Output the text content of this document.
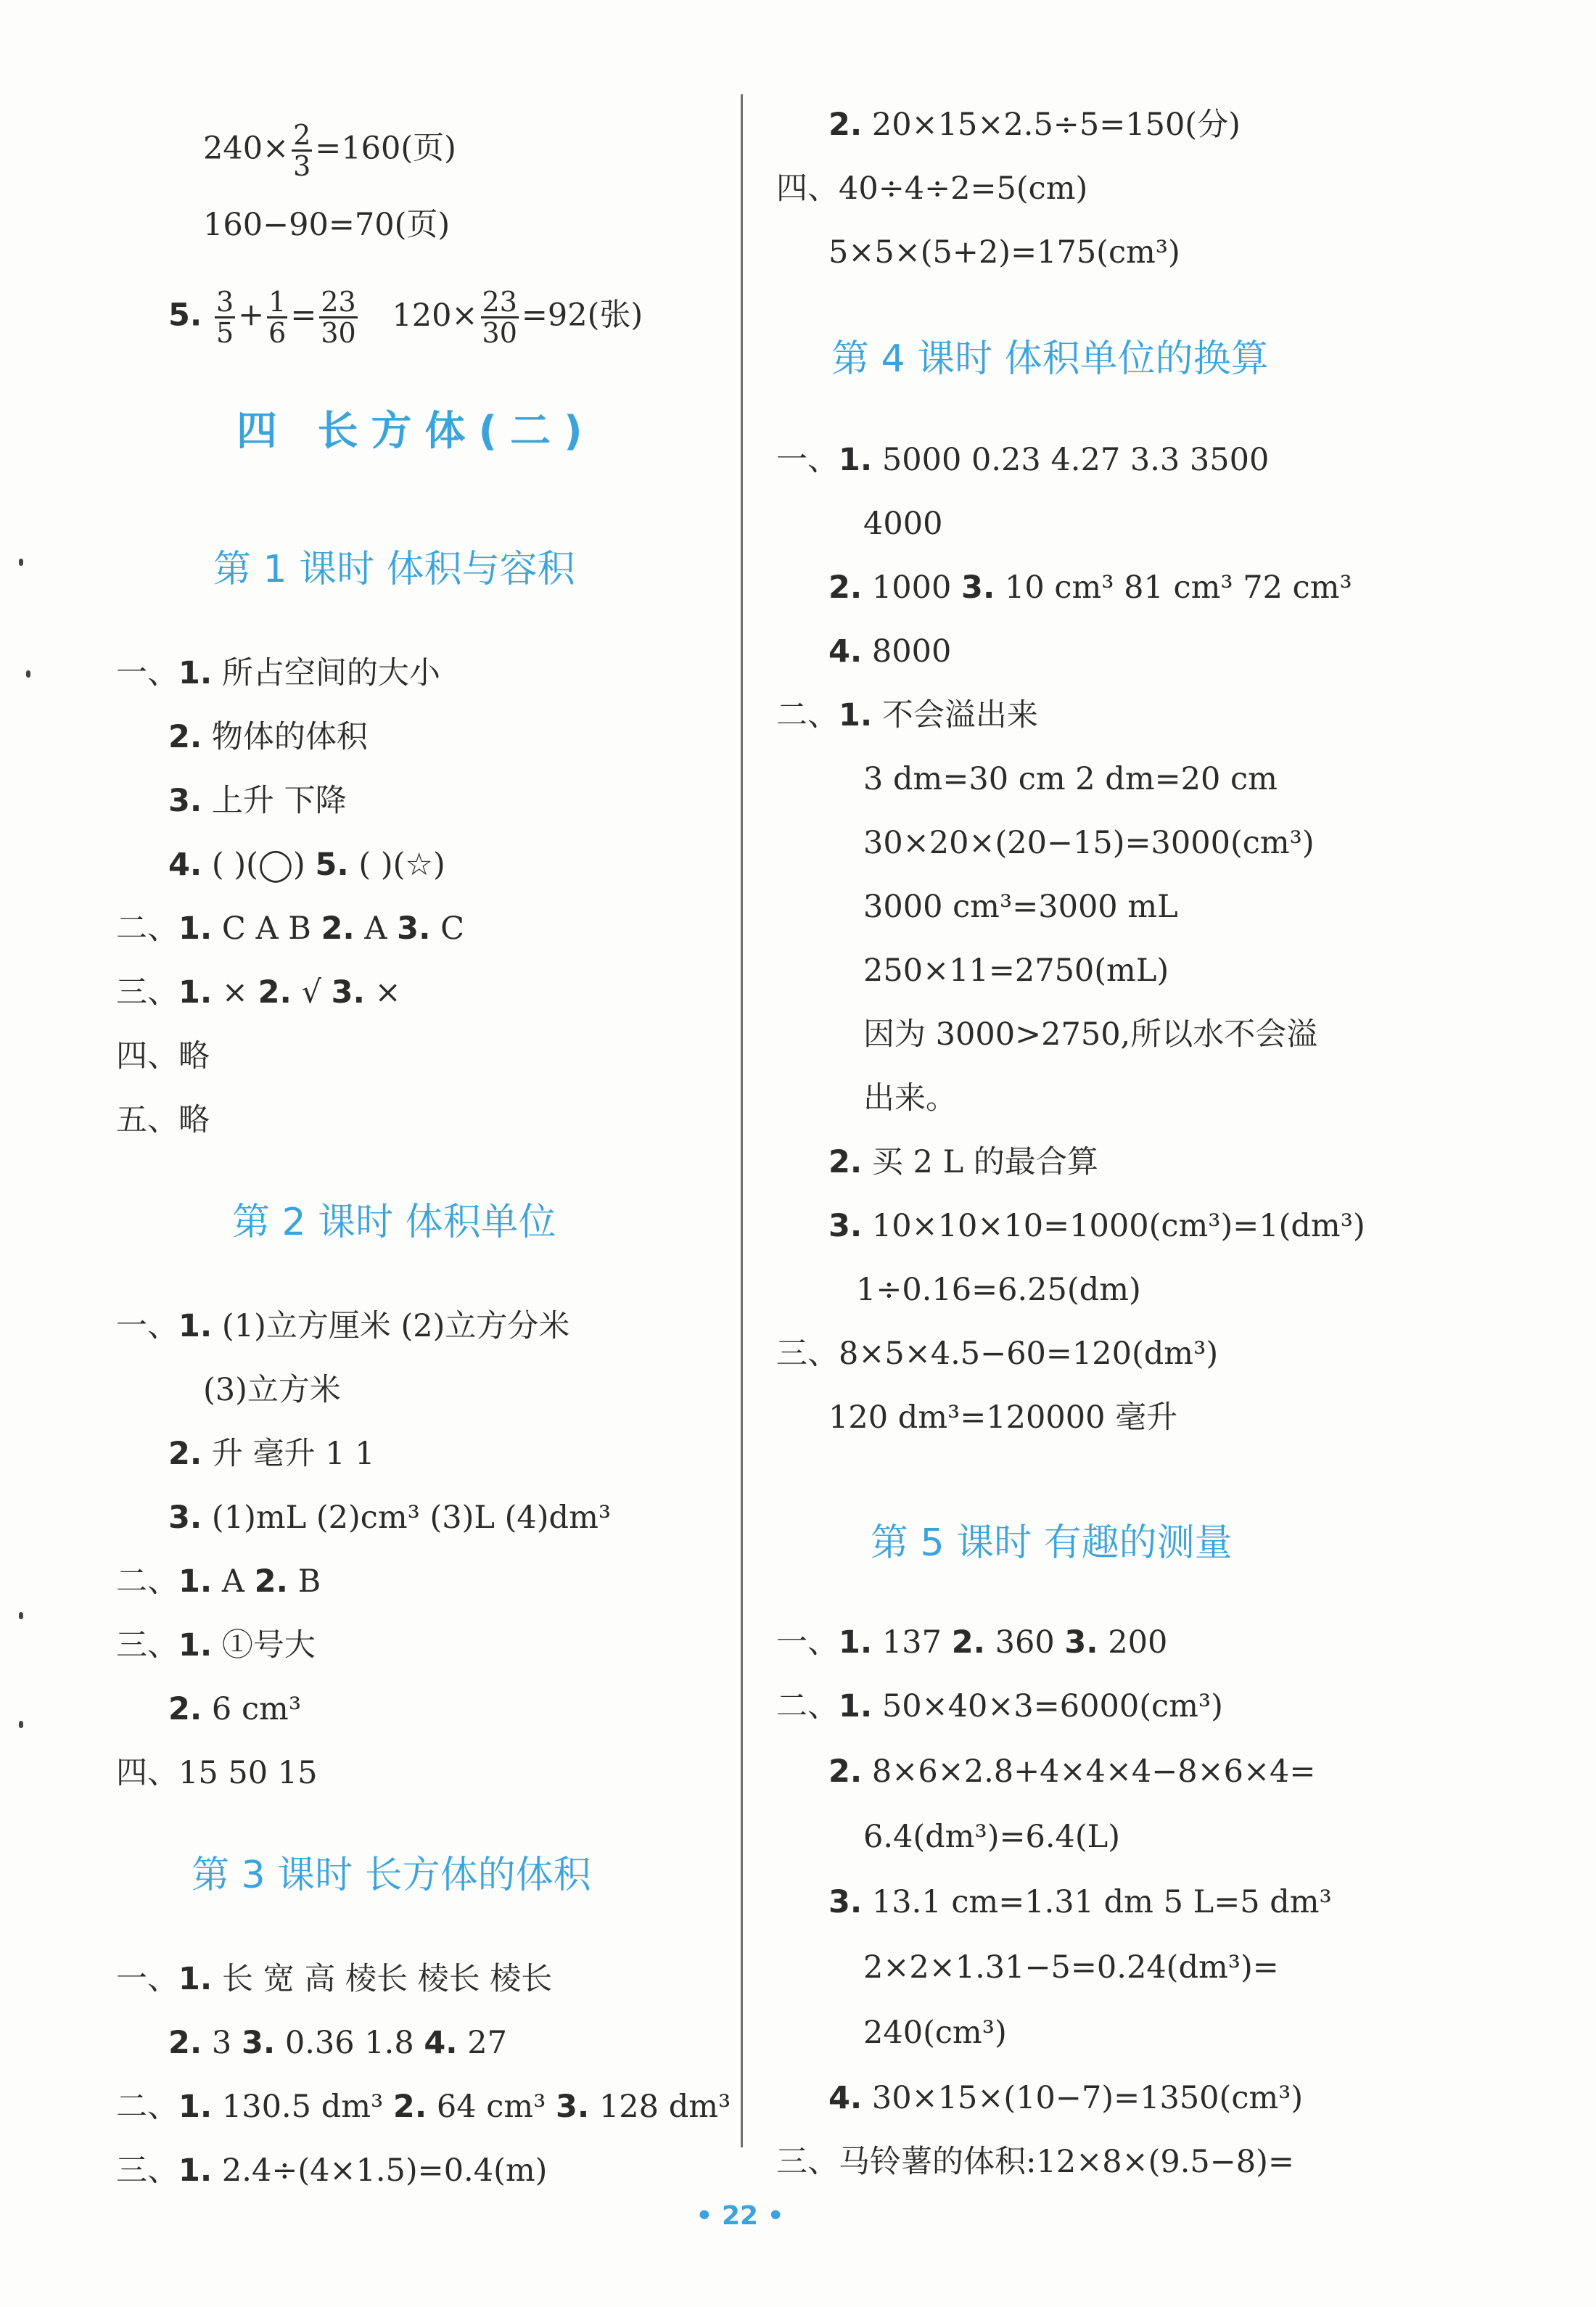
$240\times \frac{2}{3} =160$(页)
160−90=70(页)
5. $\frac{3}{5} + \frac{1}{6} = \frac{23}{30} 120\times \frac{23}{30} =92$(张)
四 长方体(二)
第 1 课时 体积与容积
一、1. 所占空间的大小
2. 物体的体积
3. 上升 下降
4. ( )(◯) 5. ( )(☆)
二、1. C A B 2. A 3. C
三、1. × 2. √ 3. ×
四、略
五、略
第 2 课时 体积单位
一、1. (1)立方厘米 (2)立方分米
(3)立方米
2. 升 毫升 1 1
3. (1)mL (2)cm³ (3)L (4)dm³
二、1. A 2. B
三、1. ①号大
2. 6 cm³
四、15 50 15
第 3 课时 长方体的体积
一、1. 长 宽 高 棱长 棱长 棱长
2. 3 3. 0.36 1.8 4. 27
二、1. 130.5 dm³ 2. 64 cm³ 3. 128 dm³
三、1. 2.4÷(4×1.5)=0.4(m)
2. 20×15×2.5÷5=150(分)
四、40÷4÷2=5(cm)
5×5×(5+2)=175(cm³)
第 4 课时 体积单位的换算
一、1. 5000 0.23 4.27 3.3 3500
4000
2. 1000 3. 10 cm³ 81 cm³ 72 cm³
4. 8000
二、1. 不会溢出来
3 dm=30 cm 2 dm=20 cm
30×20×(20−15)=3000(cm³)
3000 cm³=3000 mL
250×11=2750(mL)
因为 3000>2750,所以水不会溢
出来。
2. 买 2 L 的最合算
3. 10×10×10=1000(cm³)=1(dm³)
1÷0.16=6.25(dm)
三、8×5×4.5−60=120(dm³)
120 dm³=120000 毫升
第 5 课时 有趣的测量
一、1. 137 2. 360 3. 200
二、1. 50×40×3=6000(cm³)
2. 8×6×2.8+4×4×4−8×6×4=
6.4(dm³)=6.4(L)
3. 13.1 cm=1.31 dm 5 L=5 dm³
2×2×1.31−5=0.24(dm³)=
240(cm³)
4. 30×15×(10−7)=1350(cm³)
三、马铃薯的体积:12×8×(9.5−8)=
• 22 •
